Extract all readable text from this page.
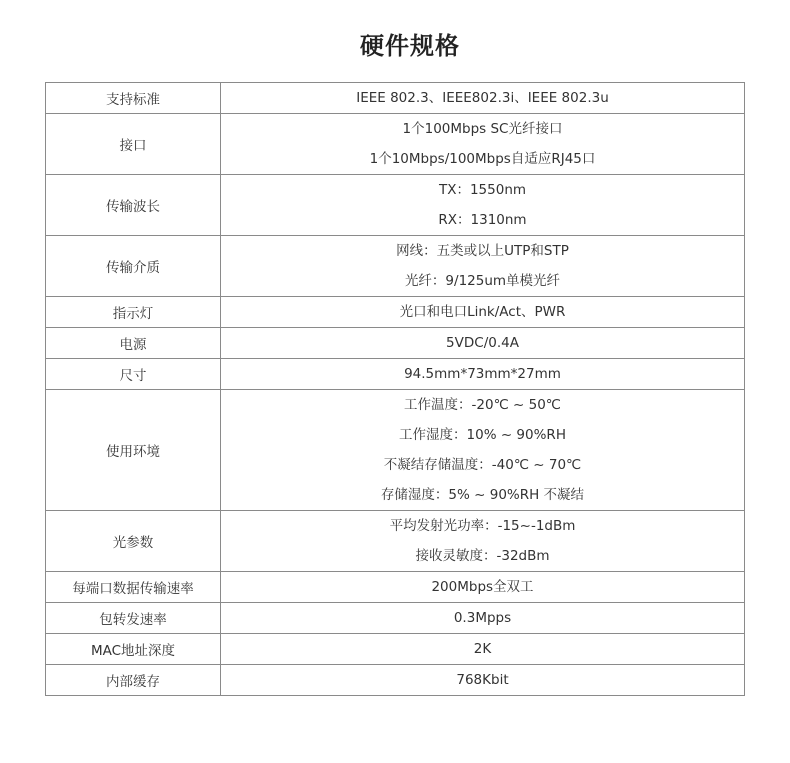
硬件规格
支持标准	IEEE 802.3、IEEE802.3i、IEEE 802.3u

接口	1个100Mbps SC光纤接口
1个10Mbps/100Mbps自适应RJ45口

传输波长	TX：1550nm
RX：1310nm

传输介质	网线：五类或以上UTP和STP
光纤：9/125um单模光纤

指示灯	光口和电口Link/Act、PWR

电源	5VDC/0.4A

尺寸	94.5mm*73mm*27mm

使用环境	工作温度：-20℃ ~ 50℃
工作湿度：10% ~ 90%RH
不凝结存储温度：-40℃ ~ 70℃
存储湿度：5% ~ 90%RH 不凝结

光参数	平均发射光功率：-15~-1dBm
接收灵敏度：-32dBm

每端口数据传输速率	200Mbps全双工

包转发速率	0.3Mpps

MAC地址深度	2K

内部缓存	768Kbit
